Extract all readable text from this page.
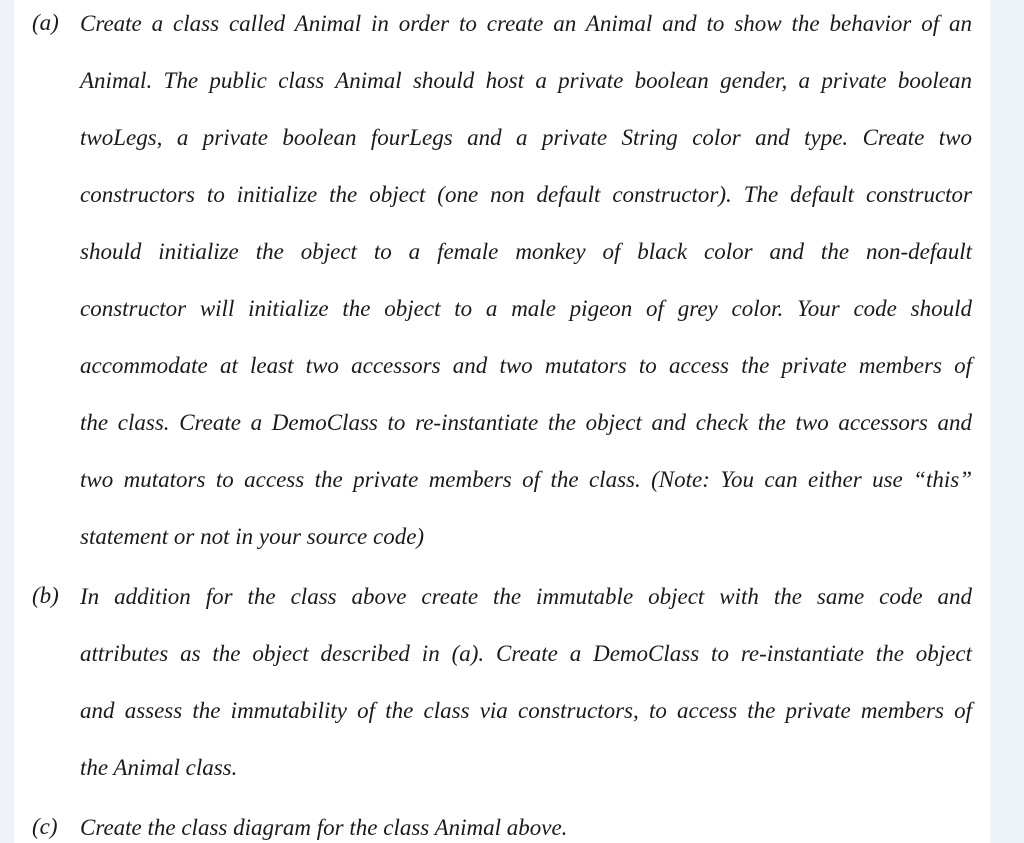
(a) Create a class called Animal in order to create an Animal and to show the behavior of an
Animal. The public class Animal should host a private boolean gender, a private boolean
twoLegs, a private boolean fourLegs and a private String color and type. Create two
constructors to initialize the object (one non default constructor). The default constructor
should initialize the object to a female monkey of black color and the non-default
constructor will initialize the object to a male pigeon of grey color. Your code should
accommodate at least two accessors and two mutators to access the private members of
the class. Create a DemoClass to re-instantiate the object and check the two accessors and
two mutators to access the private members of the class. (Note: You can either use “this”
statement or not in your source code)
(b) In addition for the class above create the immutable object with the same code and
attributes as the object described in (a). Create a DemoClass to re-instantiate the object
and assess the immutability of the class via constructors, to access the private members of
the Animal class.
(c) Create the class diagram for the class Animal above.
